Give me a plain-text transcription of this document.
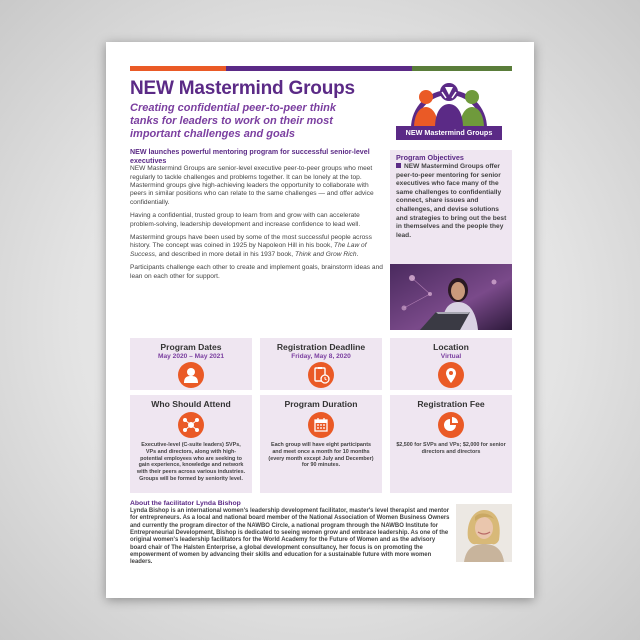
NEW Mastermind Groups
Creating confidential peer-to-peer think tanks for leaders to work on their most important challenges and goals	NEW Mastermind Groups

NEW launches powerful mentoring program for successful senior-level executives

NEW Mastermind Groups are senior-level executive peer-to-peer groups who meet regularly to tackle challenges and problems together. It can be lonely at the top. Mastermind groups give high-achieving leaders the opportunity to collaborate with peers in similar positions who can relate to the same challenges — and offer advice confidentially.

Having a confidential, trusted group to learn from and grow with can accelerate problem-solving, leadership development and increase confidence to lead well.

Mastermind groups have been used by some of the most successful people across history. The concept was coined in 1925 by Napoleon Hill in his book, The Law of Success, and described in more detail in his 1937 book, Think and Grow Rich.

Participants challenge each other to create and implement goals, brainstorm ideas and lean on each other for support.

Program Objectives
NEW Mastermind Groups offer peer-to-peer mentoring for senior executives who face many of the same challenges to confidentially connect, share issues and challenges, and devise solutions and strategies to bring out the best in themselves and the people they lead.
Program Dates
May 2020 – May 2021
Registration Deadline
Friday, May 8, 2020
Location
Virtual
Who Should Attend
Executive-level (C-suite leaders) SVPs, VPs and directors, along with high-potential employees who are seeking to gain experience, knowledge and network with their peers across various industries. Groups will be formed by seniority level.
Program Duration
Each group will have eight participants and meet once a month for 10 months (every month except July and December) for 90 minutes.
Registration Fee
$2,500 for SVPs and VPs; $2,000 for senior directors and directors
About the facilitator Lynda Bishop
Lynda Bishop is an international women's leadership development facilitator, master's level therapist and mentor for entrepreneurs. As a local and national board member of the National Association of Women Business Owners and currently the program director of the NAWBO Circle, a national program through the NAWBO Institute for Entrepreneurial Development, Bishop is dedicated to seeing women grow and embrace leadership. As one of the original women's leadership facilitators for the World Academy for the Future of Women and as the advisory board chair of The Halsten Enterprise, a global development consultancy, her focus is on promoting the empowerment of women by advancing their skills and education for a sustainable future with more women leaders.
